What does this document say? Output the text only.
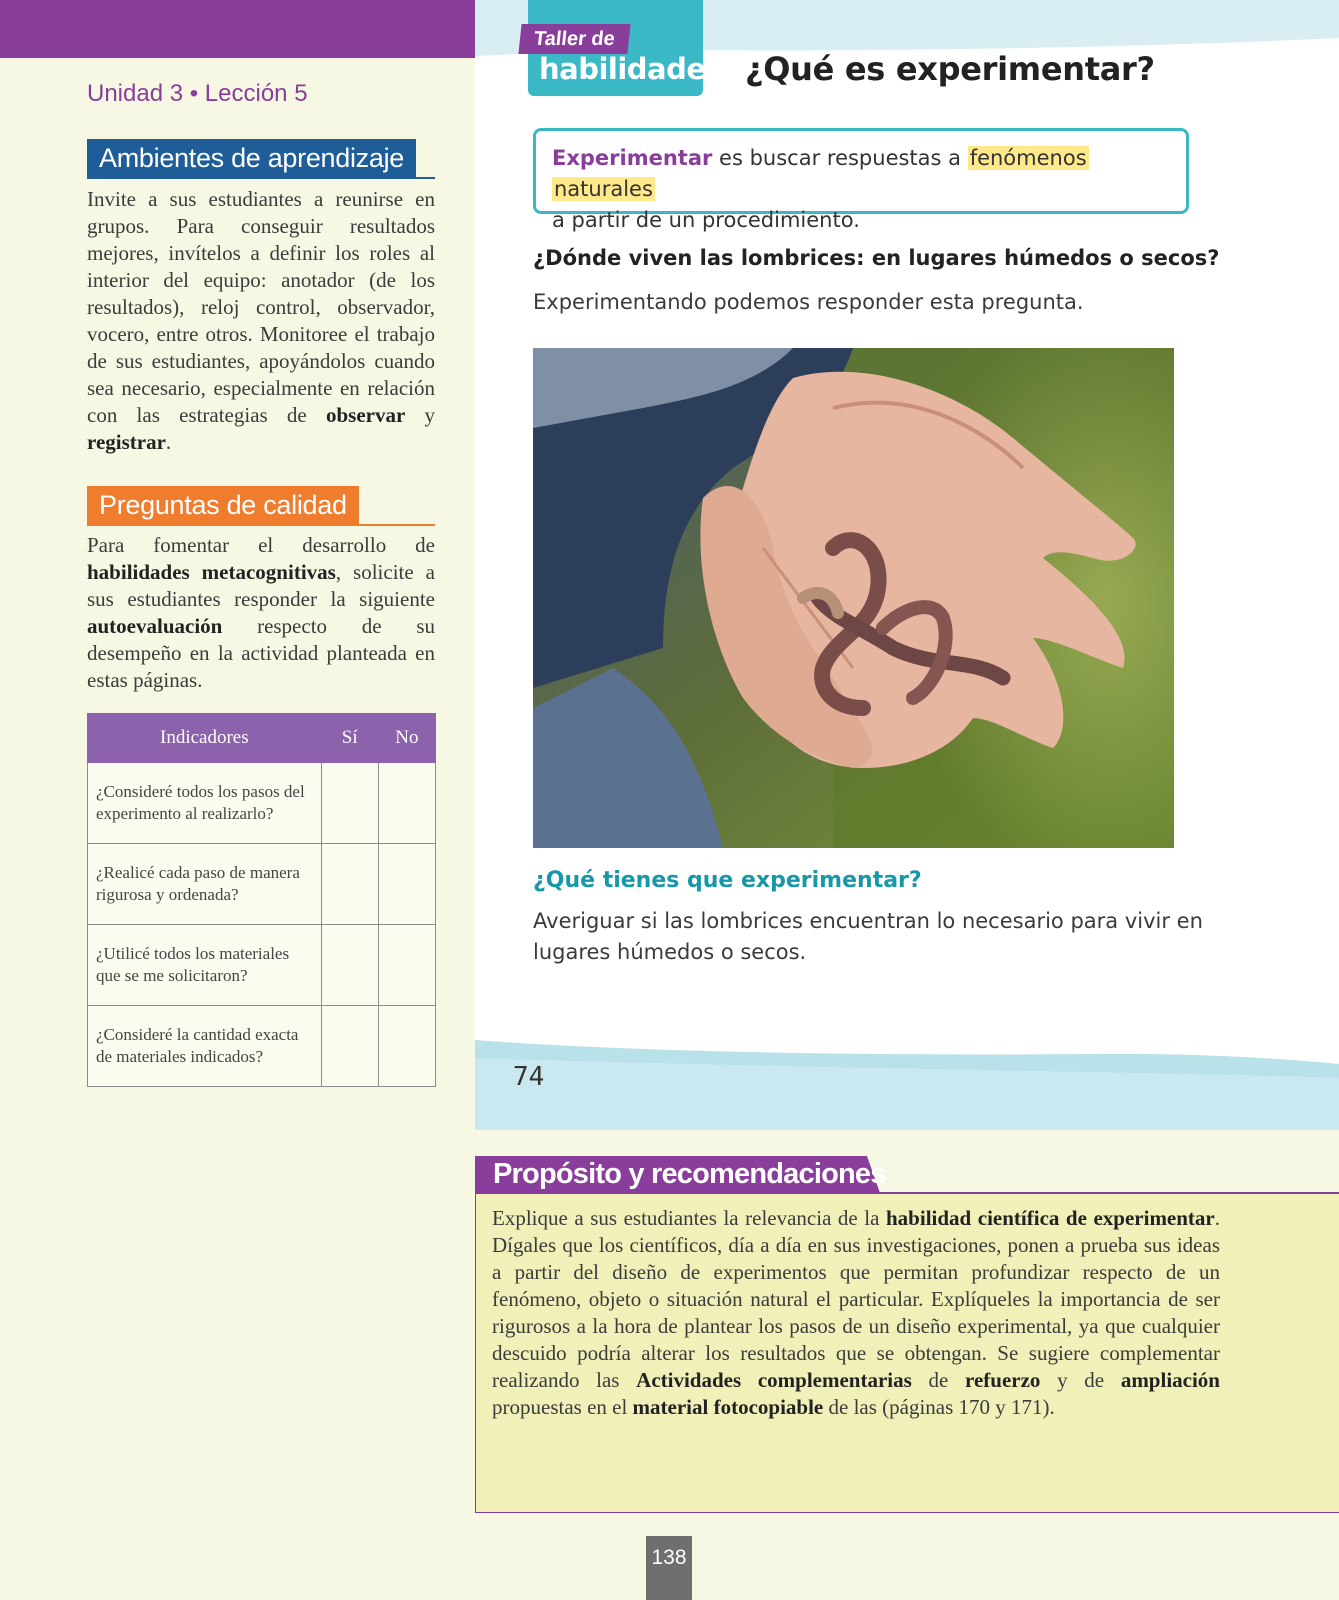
Unidad 3 • Lección 5
Ambientes de aprendizaje
Invite a sus estudiantes a reunirse en grupos. Para conseguir resultados mejores, invítelos a definir los roles al interior del equipo: anotador (de los resultados), reloj control, observador, vocero, entre otros. Monitoree el trabajo de sus estudiantes, apoyándolos cuando sea necesario, especialmente en relación con las estrategias de observar y registrar.
Preguntas de calidad
Para fomentar el desarrollo de habilidades metacognitivas, solicite a sus estudiantes responder la siguiente autoevaluación respecto de su desempeño en la actividad planteada en estas páginas.
Indicadores	Sí	No
¿Consideré todos los pasos del experimento al realizarlo?		
¿Realicé cada paso de manera rigurosa y ordenada?		
¿Utilicé todos los materiales que se me solicitaron?		
¿Consideré la cantidad exacta de materiales indicados?		
Taller de
habilidades ¿Qué es experimentar?
Experimentar es buscar respuestas a fenómenos naturales
a partir de un procedimiento.
¿Dónde viven las lombrices: en lugares húmedos o secos?
Experimentando podemos responder esta pregunta.
¿Qué tienes que experimentar?
Averiguar si las lombrices encuentran lo necesario para vivir en lugares húmedos o secos.
74
Propósito y recomendaciones
Explique a sus estudiantes la relevancia de la habilidad científica de experimentar. Dígales que los científicos, día a día en sus investigaciones, ponen a prueba sus ideas a partir del diseño de experimentos que permitan profundizar respecto de un fenómeno, objeto o situación natural el particular. Explíqueles la importancia de ser rigurosos a la hora de plantear los pasos de un diseño experimental, ya que cualquier descuido podría alterar los resultados que se obtengan. Se sugiere complementar realizando las Actividades complementarias de refuerzo y de ampliación propuestas en el material fotocopiable de las (páginas 170 y 171).
138
